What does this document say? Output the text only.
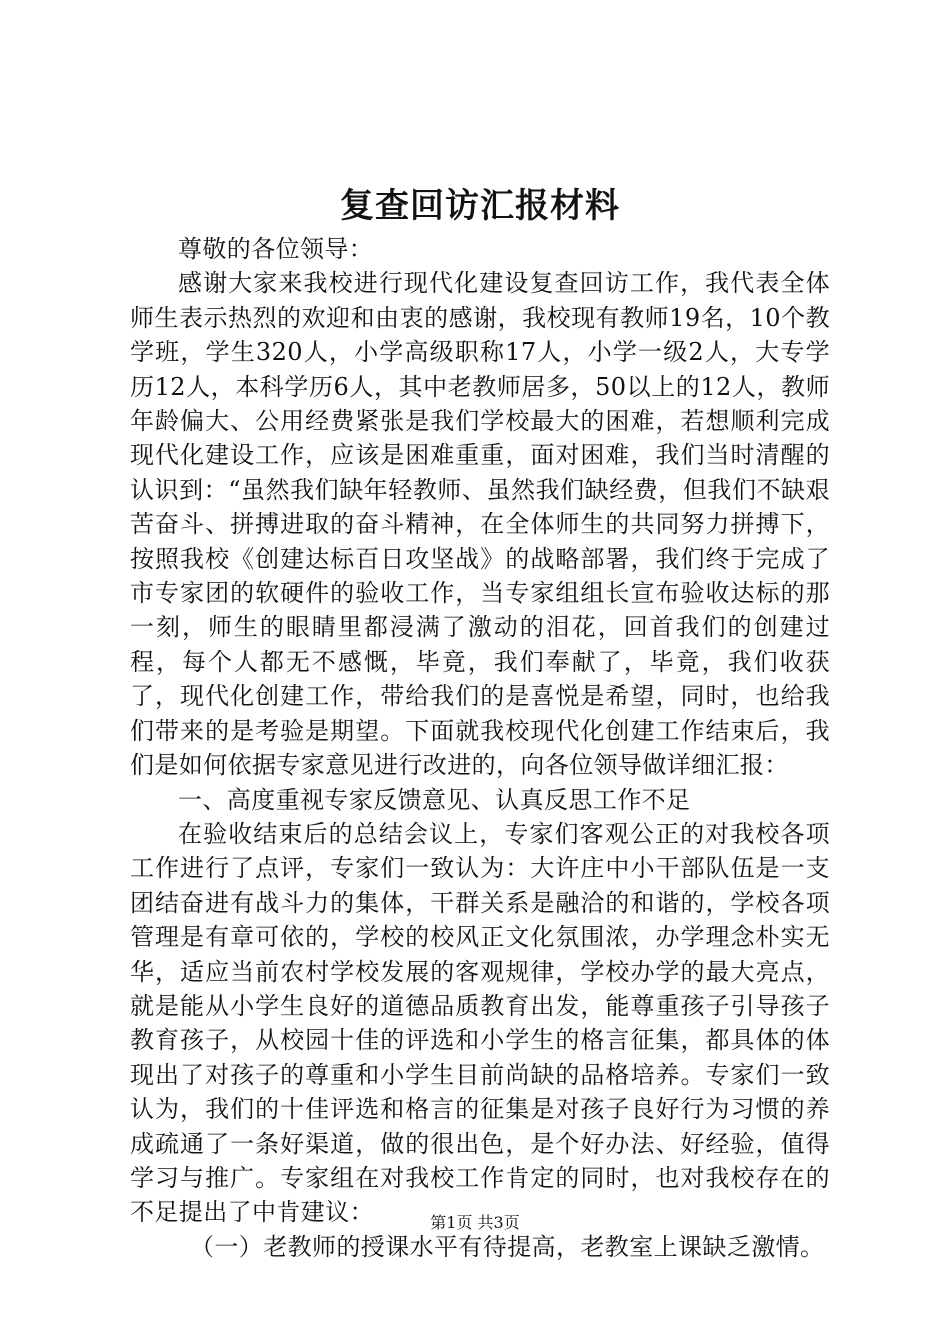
复查回访汇报材料

尊敬的各位领导：

感谢大家来我校进行现代化建设复查回访工作，我代表全体师生表示热烈的欢迎和由衷的感谢，我校现有教师19名，10个教学班，学生320人，小学高级职称17人，小学一级2人，大专学历12人，本科学历6人，其中老教师居多，50以上的12人，教师年龄偏大、公用经费紧张是我们学校最大的困难，若想顺利完成现代化建设工作，应该是困难重重，面对困难，我们当时清醒的认识到：“虽然我们缺年轻教师、虽然我们缺经费，但我们不缺艰苦奋斗、拼搏进取的奋斗精神，在全体师生的共同努力拼搏下，按照我校《创建达标百日攻坚战》的战略部署，我们终于完成了市专家团的软硬件的验收工作，当专家组组长宣布验收达标的那一刻，师生的眼睛里都浸满了激动的泪花，回首我们的创建过程，每个人都无不感慨，毕竟，我们奉献了，毕竟，我们收获了，现代化创建工作，带给我们的是喜悦是希望，同时，也给我们带来的是考验是期望。下面就我校现代化创建工作结束后，我们是如何依据专家意见进行改进的，向各位领导做详细汇报：

一、高度重视专家反馈意见、认真反思工作不足

在验收结束后的总结会议上，专家们客观公正的对我校各项工作进行了点评，专家们一致认为：大许庄中小干部队伍是一支团结奋进有战斗力的集体，干群关系是融洽的和谐的，学校各项管理是有章可依的，学校的校风正文化氛围浓，办学理念朴实无华，适应当前农村学校发展的客观规律，学校办学的最大亮点，就是能从小学生良好的道德品质教育出发，能尊重孩子引导孩子教育孩子，从校园十佳的评选和小学生的格言征集，都具体的体现出了对孩子的尊重和小学生目前尚缺的品格培养。专家们一致认为，我们的十佳评选和格言的征集是对孩子良好行为习惯的养成疏通了一条好渠道，做的很出色，是个好办法、好经验，值得学习与推广。专家组在对我校工作肯定的同时，也对我校存在的不足提出了中肯建议：

（一）老教师的授课水平有待提高，老教室上课缺乏激情。

第1页 共3页
